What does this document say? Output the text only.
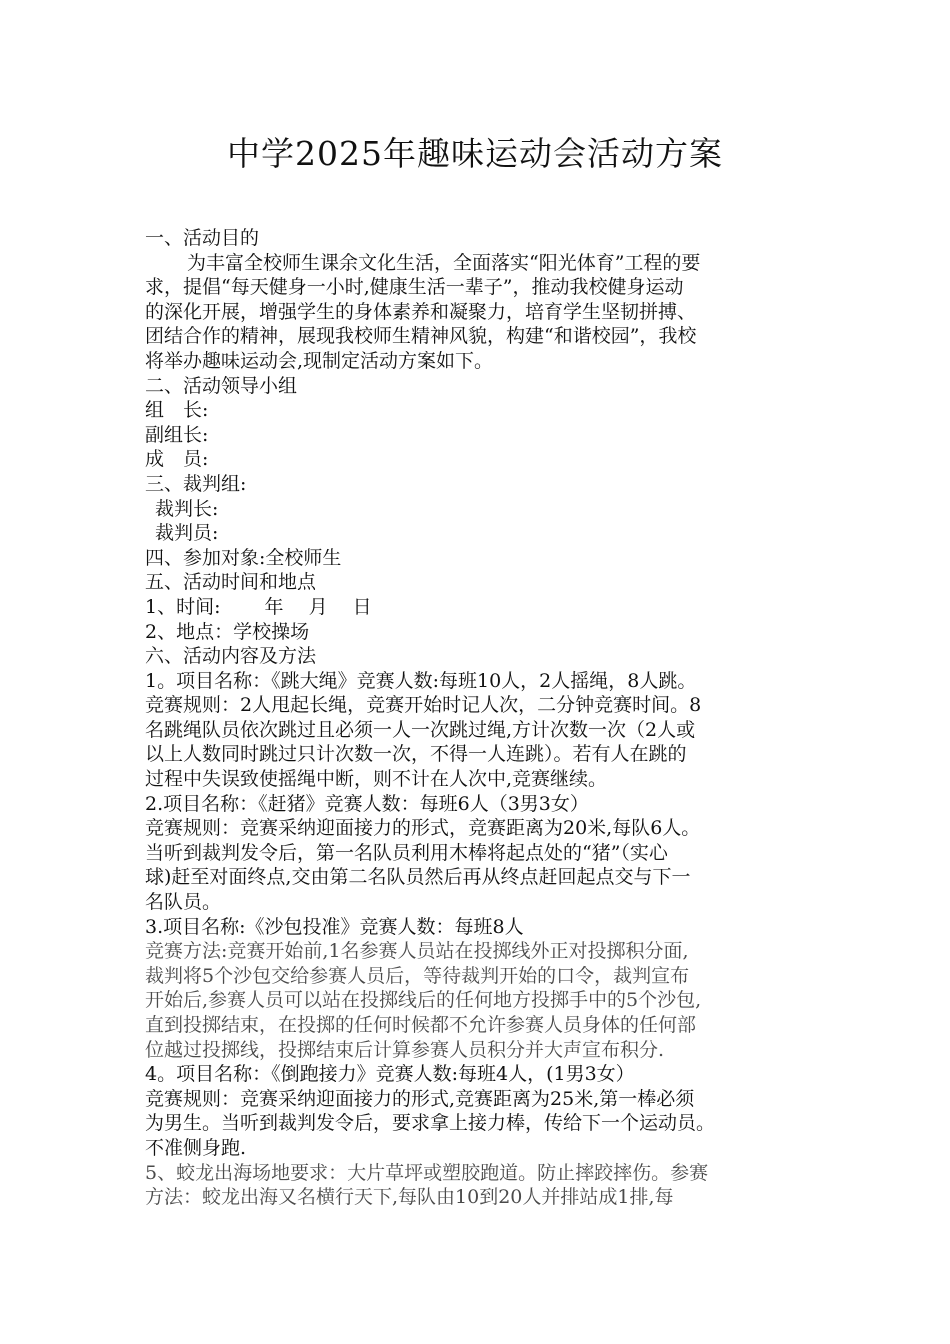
中学2025年趣味运动会活动方案
一、活动目的
为丰富全校师生课余文化生活，全面落实“阳光体育”工程的要
求，提倡“每天健身一小时,健康生活一辈子”，推动我校健身运动
的深化开展，增强学生的身体素养和凝聚力，培育学生坚韧拼搏、
团结合作的精神，展现我校师生精神风貌，构建“和谐校园”，我校
将举办趣味运动会,现制定活动方案如下。
二、活动领导小组
组　长:
副组长:
成　员:
三、裁判组:
裁判长:
裁判员:
四、参加对象:全校师生
五、活动时间和地点
1、时间:　　 年　 月　 日
2、地点：学校操场
六、活动内容及方法
1。项目名称：《跳大绳》竞赛人数:每班10人，2人摇绳，8人跳。
竞赛规则：2人甩起长绳，竞赛开始时记人次，二分钟竞赛时间。8
名跳绳队员依次跳过且必须一人一次跳过绳,方计次数一次（2人或
以上人数同时跳过只计次数一次，不得一人连跳）。若有人在跳的
过程中失误致使摇绳中断，则不计在人次中,竞赛继续。
2.项目名称：《赶猪》竞赛人数：每班6人（3男3女）
竞赛规则：竞赛采纳迎面接力的形式，竞赛距离为20米,每队6人。
当听到裁判发令后，第一名队员利用木棒将起点处的“猪”（实心
球)赶至对面终点,交由第二名队员然后再从终点赶回起点交与下一
名队员。
3.项目名称:《沙包投准》竞赛人数：每班8人
竞赛方法:竞赛开始前,1名参赛人员站在投掷线外正对投掷积分面,
裁判将5个沙包交给参赛人员后，等待裁判开始的口令，裁判宣布
开始后,参赛人员可以站在投掷线后的任何地方投掷手中的5个沙包,
直到投掷结束，在投掷的任何时候都不允许参赛人员身体的任何部
位越过投掷线，投掷结束后计算参赛人员积分并大声宣布积分.
4。项目名称：《倒跑接力》竞赛人数:每班4人，(1男3女）
竞赛规则：竞赛采纳迎面接力的形式,竞赛距离为25米,第一棒必须
为男生。当听到裁判发令后，要求拿上接力棒，传给下一个运动员。
不准侧身跑.
5、蛟龙出海场地要求：大片草坪或塑胶跑道。防止摔跤摔伤。参赛
方法：蛟龙出海又名横行天下,每队由10到20人并排站成1排,每
